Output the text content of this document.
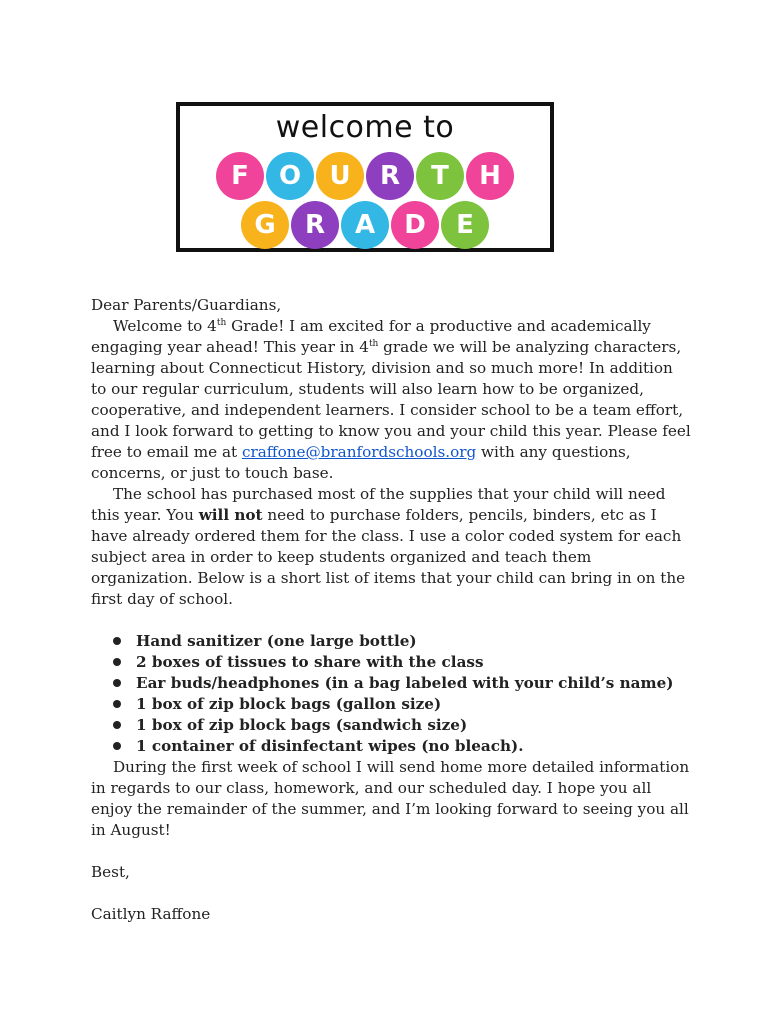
welcome to
F	O	U	R	T	H
G	R	A	D	E

Dear Parents/Guardians,

Welcome to 4th Grade! I am excited for a productive and academically engaging year ahead! This year in 4th grade we will be analyzing characters, learning about Connecticut History, division and so much more! In addition to our regular curriculum, students will also learn how to be organized, cooperative, and independent learners. I consider school to be a team effort, and I look forward to getting to know you and your child this year. Please feel free to email me at craffone@branfordschools.org with any questions, concerns, or just to touch base.

The school has purchased most of the supplies that your child will need this year. You will not need to purchase folders, pencils, binders, etc as I have already ordered them for the class. I use a color coded system for each subject area in order to keep students organized and teach them organization. Below is a short list of items that your child can bring in on the first day of school.

Hand sanitizer (one large bottle)
2 boxes of tissues to share with the class
Ear buds/headphones (in a bag labeled with your child’s name)
1 box of zip block bags (gallon size)
1 box of zip block bags (sandwich size)
1 container of disinfectant wipes (no bleach).

During the first week of school I will send home more detailed information in regards to our class, homework, and our scheduled day. I hope you all enjoy the remainder of the summer, and I’m looking forward to seeing you all in August!

Best,

Caitlyn Raffone
